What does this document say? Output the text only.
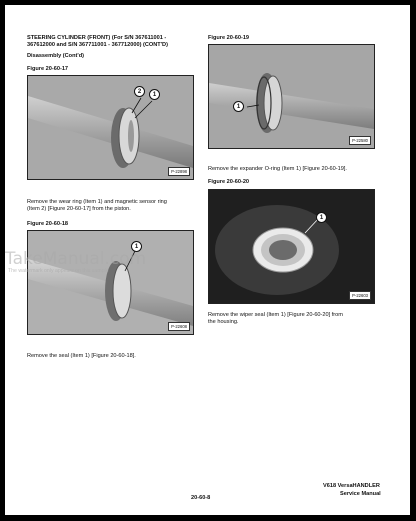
STEERING CYLINDER (FRONT) (For S/N 367611001 -
367612000 and S/N 367711001 - 367712000) (CONT'D)
Disassembly (Cont'd)
Figure 20-60-17
2	1
P-22898
Remove the wear ring (Item 1) and magnetic sensor ring
(Item 2) [Figure 20-60-17] from the piston.
Figure 20-60-18
1
P-22608
Remove the seal (Item 1) [Figure 20-60-18].
Figure 20-60-19
1
P-22580
Remove the expander O-ring (Item 1) [Figure 20-60-19].
Figure 20-60-20
1
P-22603
Remove the wiper seal (Item 1) [Figure 20-60-20] from
the housing.
20-60-8
V618 VersaHANDLER
Service Manual
TakeManual.com
The watermark only appears on this sample
